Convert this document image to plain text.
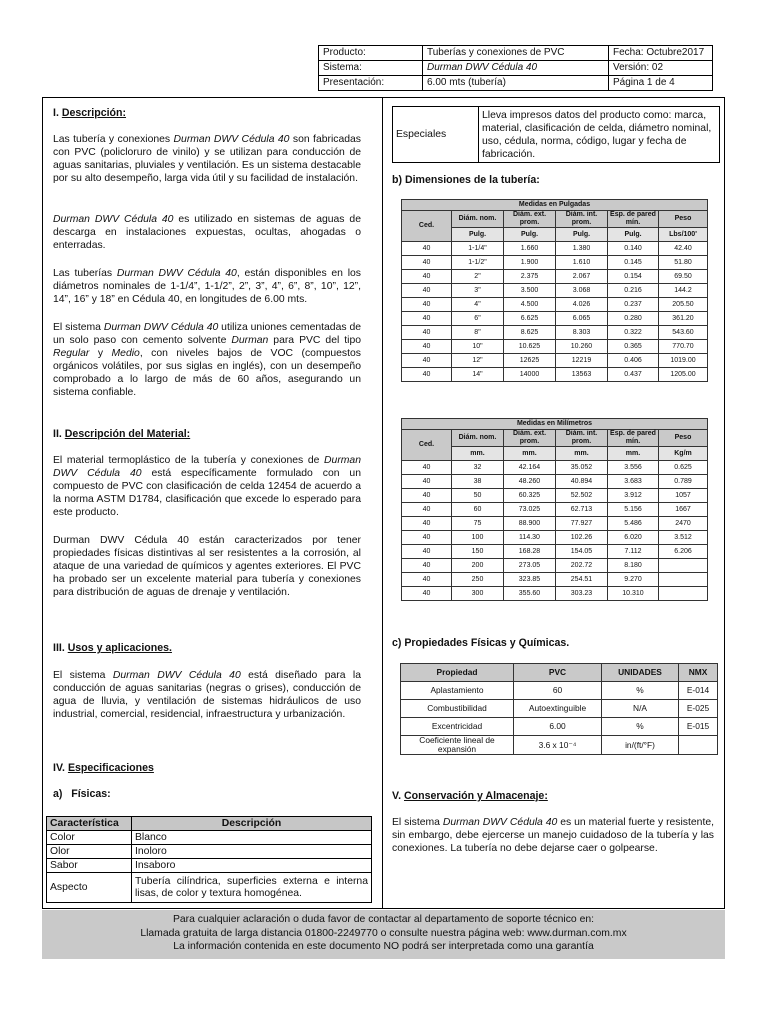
Producto:	Tuberías y conexiones de PVC	Fecha: Octubre2017
Sistema:	Durman DWV Cédula 40	Versión: 02
Presentación:	6.00 mts (tubería)	Página 1 de 4
I. Descripción:
Las tubería y conexiones Durman DWV Cédula 40 son fabricadas con PVC (policloruro de vinilo) y se utilizan para conducción de aguas sanitarias, pluviales y ventilación. Es un sistema destacable por su alto desempeño, larga vida útil y su facilidad de instalación.
Durman DWV Cédula 40 es utilizado en sistemas de aguas de descarga en instalaciones expuestas, ocultas, ahogadas o enterradas.
Las tuberías Durman DWV Cédula 40, están disponibles en los diámetros nominales de 1-1/4”, 1-1/2”, 2”, 3”, 4”, 6”, 8”, 10”, 12”, 14”, 16” y 18” en Cédula 40, en longitudes de 6.00 mts.
El sistema Durman DWV Cédula 40 utiliza uniones cementadas de un solo paso con cemento solvente Durman para PVC del tipo Regular y Medio, con niveles bajos de VOC (compuestos orgánicos volátiles, por sus siglas en inglés), con un desempeño comprobado a lo largo de más de 60 años, asegurando un sistema confiable.
II. Descripción del Material:
El material termoplástico de la tubería y conexiones de Durman DWV Cédula 40 está específicamente formulado con un compuesto de PVC con clasificación de celda 12454 de acuerdo a la norma ASTM D1784, clasificación que excede lo esperado para este producto.
Durman DWV Cédula 40 están caracterizados por tener propiedades físicas distintivas al ser resistentes a la corrosión, al ataque de una variedad de químicos y agentes exteriores. El PVC ha probado ser un excelente material para tubería y conexiones para distribución de aguas de drenaje y ventilación.
III. Usos y aplicaciones.
El sistema Durman DWV Cédula 40 está diseñado para la conducción de aguas sanitarias (negras o grises), conducción de agua de lluvia, y ventilación de sistemas hidráulicos de uso industrial, comercial, residencial, infraestructura y urbanización.
IV. Especificaciones
a)   Físicas:
Característica	Descripción
Color	Blanco
Olor	Inoloro
Sabor	Insaboro
Aspecto	Tubería cilíndrica, superficies externa e interna lisas, de color y textura homogénea.
Especiales	Lleva impresos datos del producto como: marca, material, clasificación de celda, diámetro nominal, uso, cédula, norma, código, lugar y fecha de fabricación.
b) Dimensiones de la tubería:
Medidas en Pulgadas					
Ced.	Diám. nom.	Diám. ext. prom.	Diám. int. prom.	Esp. de pared mín.	Peso
	Pulg.	Pulg.	Pulg.	Pulg.	Lbs/100'
40	1-1/4"	1.660	1.380	0.140	42.40
40	1-1/2"	1.900	1.610	0.145	51.80
40	2"	2.375	2.067	0.154	69.50
40	3"	3.500	3.068	0.216	144.2
40	4"	4.500	4.026	0.237	205.50
40	6"	6.625	6.065	0.280	361.20
40	8"	8.625	8.303	0.322	543.60
40	10"	10.625	10.260	0.365	770.70
40	12"	12625	12219	0.406	1019.00
40	14"	14000	13563	0.437	1205.00
Medidas en Milímetros					
Ced.	Diám. nom.	Diám. ext. prom.	Diám. int. prom.	Esp. de pared mín.	Peso
	mm.	mm.	mm.	mm.	Kg/m
40	32	42.164	35.052	3.556	0.625
40	38	48.260	40.894	3.683	0.789
40	50	60.325	52.502	3.912	1057
40	60	73.025	62.713	5.156	1667
40	75	88.900	77.927	5.486	2470
40	100	114.30	102.26	6.020	3.512
40	150	168.28	154.05	7.112	6.206
40	200	273.05	202.72	8.180	
40	250	323.85	254.51	9.270	
40	300	355.60	303.23	10.310	
c) Propiedades Físicas y Químicas.
Propiedad	PVC	UNIDADES	NMX
Aplastamiento	60	%	E-014
Combustibilidad	Autoextinguible	N/A	E-025
Excentricidad	6.00	%	E-015
Coeficiente lineal de expansión	3.6 x 10⁻⁴	in/(ft/°F)	
V. Conservación y Almacenaje:
El sistema Durman DWV Cédula 40 es un material fuerte y resistente, sin embargo, debe ejercerse un manejo cuidadoso de la tubería y las conexiones. La tubería no debe dejarse caer o golpearse.
Para cualquier aclaración o duda favor de contactar al departamento de soporte técnico en:
Llamada gratuita de larga distancia 01800-2249770 o consulte nuestra página web: www.durman.com.mx
La información contenida en este documento NO podrá ser interpretada como una garantía
